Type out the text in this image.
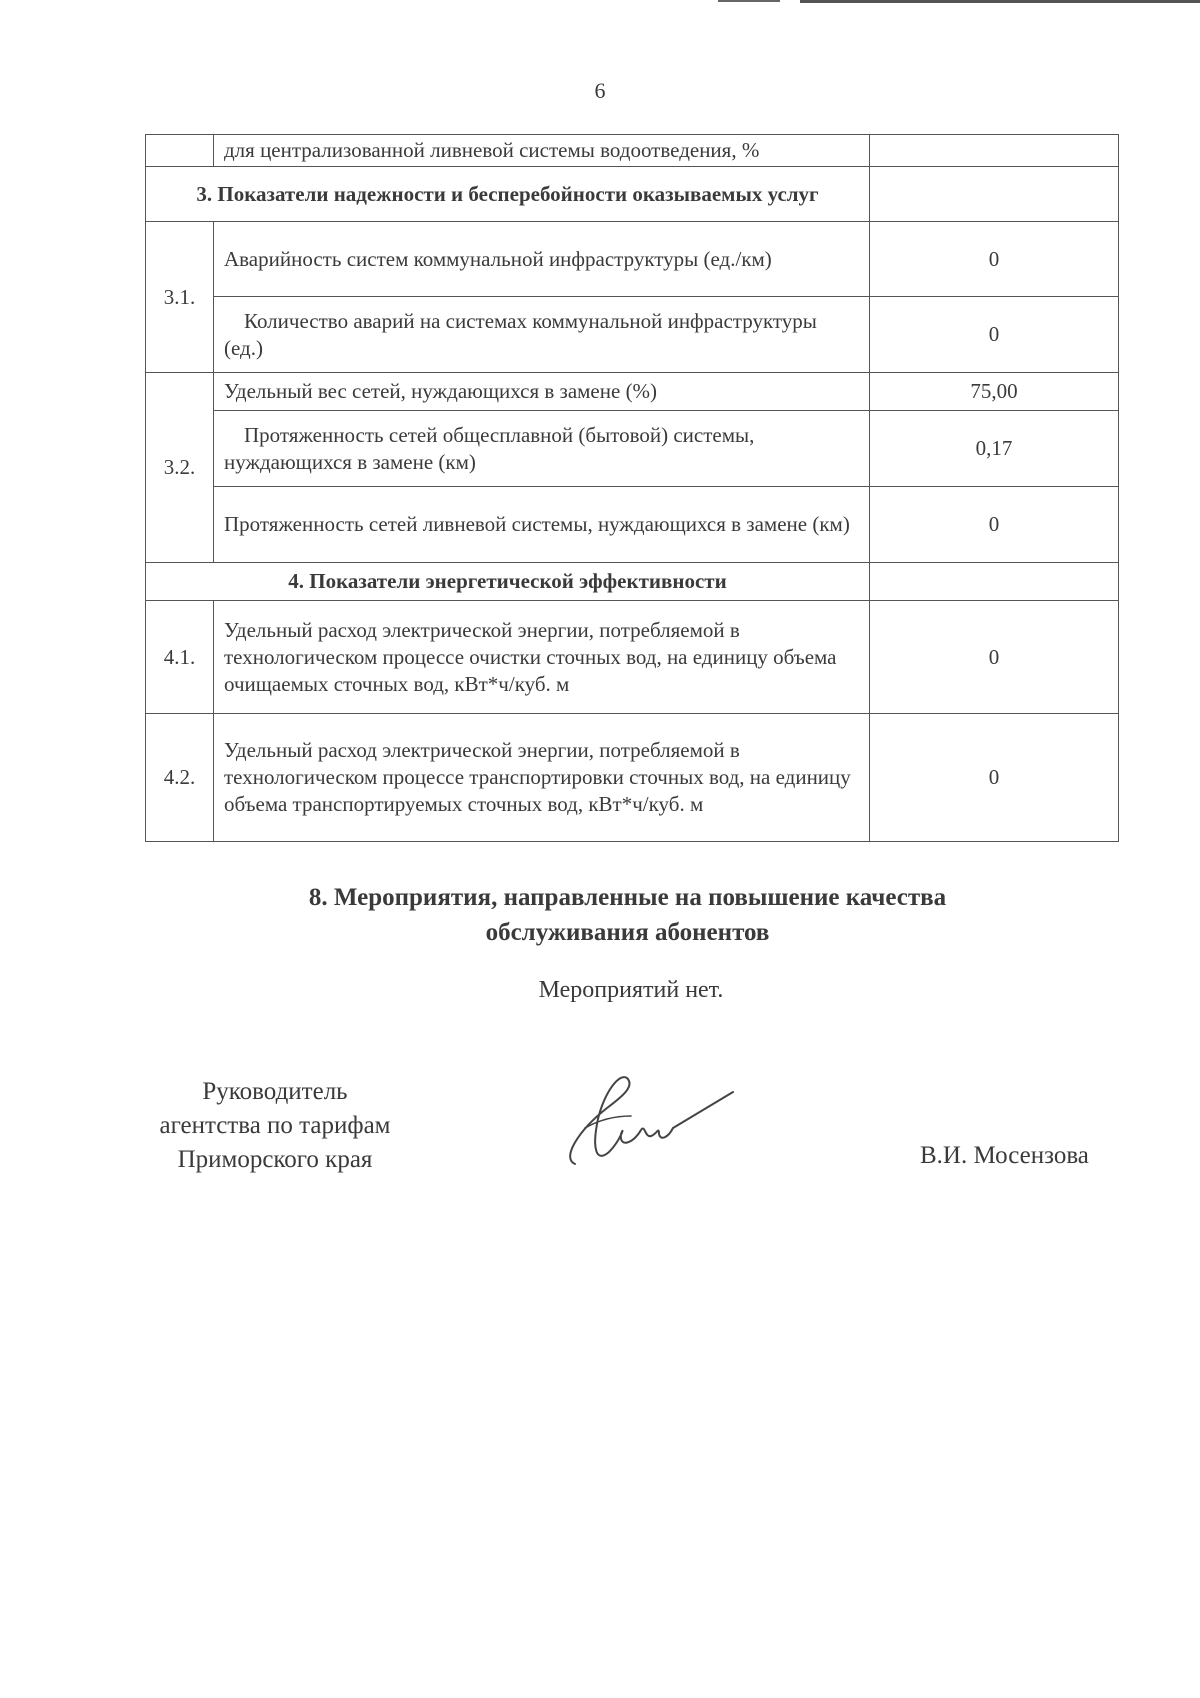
6
	для централизованной ливневой системы водоотведения, %	
3. Показатели надежности и бесперебойности оказываемых услуг		
3.1.	Аварийность систем коммунальной инфраструктуры (ед./км)	0
	Количество аварий на системах коммунальной инфраструктуры (ед.)	0
3.2.	Удельный вес сетей, нуждающихся в замене (%)	75,00
	Протяженность сетей общесплавной (бытовой) системы, нуждающихся в замене (км)	0,17
	Протяженность сетей ливневой системы, нуждающихся в замене (км)	0
4. Показатели энергетической эффективности		
4.1.	Удельный расход электрической энергии, потребляемой в технологическом процессе очистки сточных вод, на единицу объема очищаемых сточных вод, кВт*ч/куб. м	0
4.2.	Удельный расход электрической энергии, потребляемой в технологическом процессе транспортировки сточных вод, на единицу объема транспортируемых сточных вод, кВт*ч/куб. м	0
8. Мероприятия, направленные на повышение качества
обслуживания абонентов
Мероприятий нет.
Руководитель
агентства по тарифам
Приморского края	В.И. Мосензова
